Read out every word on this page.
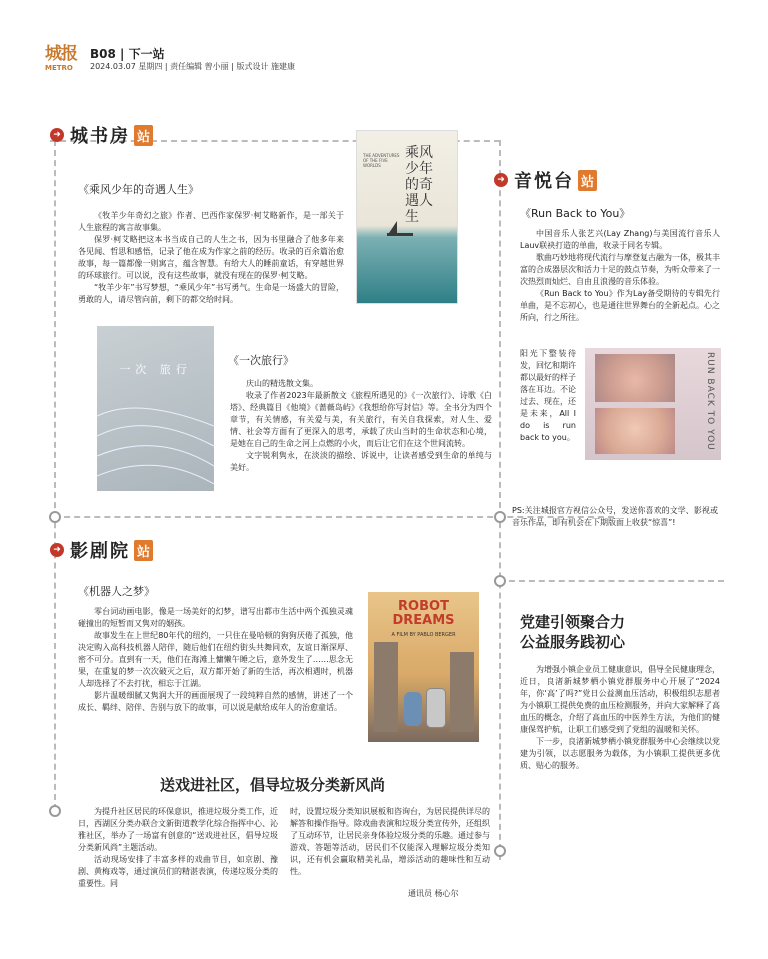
城报
METRO
B08 | 下一站
2024.03.07 星期四 | 责任编辑 曾小丽 | 版式设计 施建康
➜ 城书房 站
《乘风少年的奇遇人生》

《牧羊少年奇幻之旅》作者、巴西作家保罗·柯艾略新作，是一部关于人生旅程的寓言故事集。

保罗·柯艾略把这本书当成自己的人生之书，因为书里融合了他多年来各见闻、哲思和感悟，记录了他在成为作家之前的经历。收录的百余篇治愈故事，每一篇都像一则寓言，蕴含智慧。有给大人的睡前童话，有穿越世界的环球旅行。可以说，没有这些故事，就没有现在的保罗·柯艾略。

“牧羊少年”书写梦想，“乘风少年”书写勇气。生命是一场盛大的冒险，勇敢的人，请尽管向前，剩下的都交给时间。

THE ADVENTURES OF THE FIVE WORLDS
乘风少年的奇遇人生
一次 旅行
《一次旅行》

庆山的精选散文集。

收录了作者2023年最新散文《旅程所遇见的》《一次旅行》、诗歌《白塔》、经典篇目《他境》《蔷薇岛屿》《我想给你写封信》等。全书分为四个章节，有关情感，有关爱与美，有关旅行，有关自我探索，对人生、爱情、社会等方面有了更深入的思考，承载了庆山当时的生命状态和心境，是她在自己的生命之河上点燃的小火，而后让它们在这个世间流转。

文字锐利隽永，在淡淡的描绘、诉说中，让读者感受到生命的单纯与美好。

➜ 音悦台 站
《Run Back to You》

中国音乐人张艺兴(Lay Zhang)与美国流行音乐人Lauv联袂打造的单曲，收录于同名专辑。

歌曲巧妙地将现代流行与摩登复古融为一体，极其丰富的合成器层次和活力十足的鼓点节奏，为听众带来了一次热烈而灿烂、自由且浪漫的音乐体验。

《Run Back to You》作为Lay备受期待的专辑先行单曲，是不忘初心，也是通往世界舞台的全新起点。心之所向，行之所往。

阳光下整装待发，回忆和期许都以最好的样子落在耳边。不论过去、现在，还是未来，All I do is run back to you。	RUN BACK TO YOU
PS:关注城报官方视信公众号，发送你喜欢的文学、影视或音乐作品，即有机会在下期版面上收获“惊喜”!
➜ 影剧院 站
《机器人之梦》

零台词动画电影，像是一场美好的幻梦，谱写出都市生活中两个孤独灵魂碰撞出的短暂而又隽对的姻孩。

故事发生在上世纪80年代的纽约，一只住在曼哈顿的狗狗厌倦了孤独，他决定购入高科技机器人陪伴，随后他们在纽约街头共舞同欢，友谊日渐深厚、密不可分。直到有一天，他们在海滩上慵懒午睡之后，意外发生了……思念无果，在重复的梦一次次破灭之后，双方都开始了新的生活，再次相遇时，机器人却选择了不去打扰，相忘于江湖。

影片温暖细腻又隽润大开的画面展现了一段纯粹自然的感情，讲述了一个成长、羁绊、陪伴、告别与放下的故事，可以说是献给成年人的治愈童话。

ROBOT DREAMS
A FILM BY PABLO BERGER
党建引领聚合力
公益服务践初心

为增强小镇企业员工健康意识，倡导全民健康理念，近日，良渚新城梦栖小镇党群服务中心开展了“2024年，你‘高’了吗?”党日公益测血压活动，积极组织志愿者为小镇职工提供免费的血压检测服务，并向大家解释了高血压的概念，介绍了高血压的中医养生方法，为他们的健康保驾护航，让职工们感受到了党组的温暖和关怀。

下一步，良渚新城梦栖小镇党群服务中心会继续以党建为引领，以志愿服务为载体，为小镇职工提供更多优质、贴心的服务。

送戏进社区，倡导垃圾分类新风尚

为提升社区居民的环保意识，推进垃圾分类工作，近日，西湖区分类办联合文新街道教学化综合指挥中心、沁雅社区，举办了一场富有创意的“送戏进社区，倡导垃圾分类新风尚”主题活动。

活动现场安排了丰富多样的戏曲节目，如京剧、豫剧、黄梅戏等，通过演员们的精湛表演，传递垃圾分类的重要性。同

时，设置垃圾分类知识展板和咨询台，为居民提供详尽的解答和操作指导。除戏曲表演和垃圾分类宣传外，还组织了互动环节，让居民亲身体验垃圾分类的乐趣。通过参与游戏、答题等活动，居民们不仅能深入理解垃圾分类知识，还有机会赢取精美礼品，增添活动的趣味性和互动性。

通讯员 杨心尔
